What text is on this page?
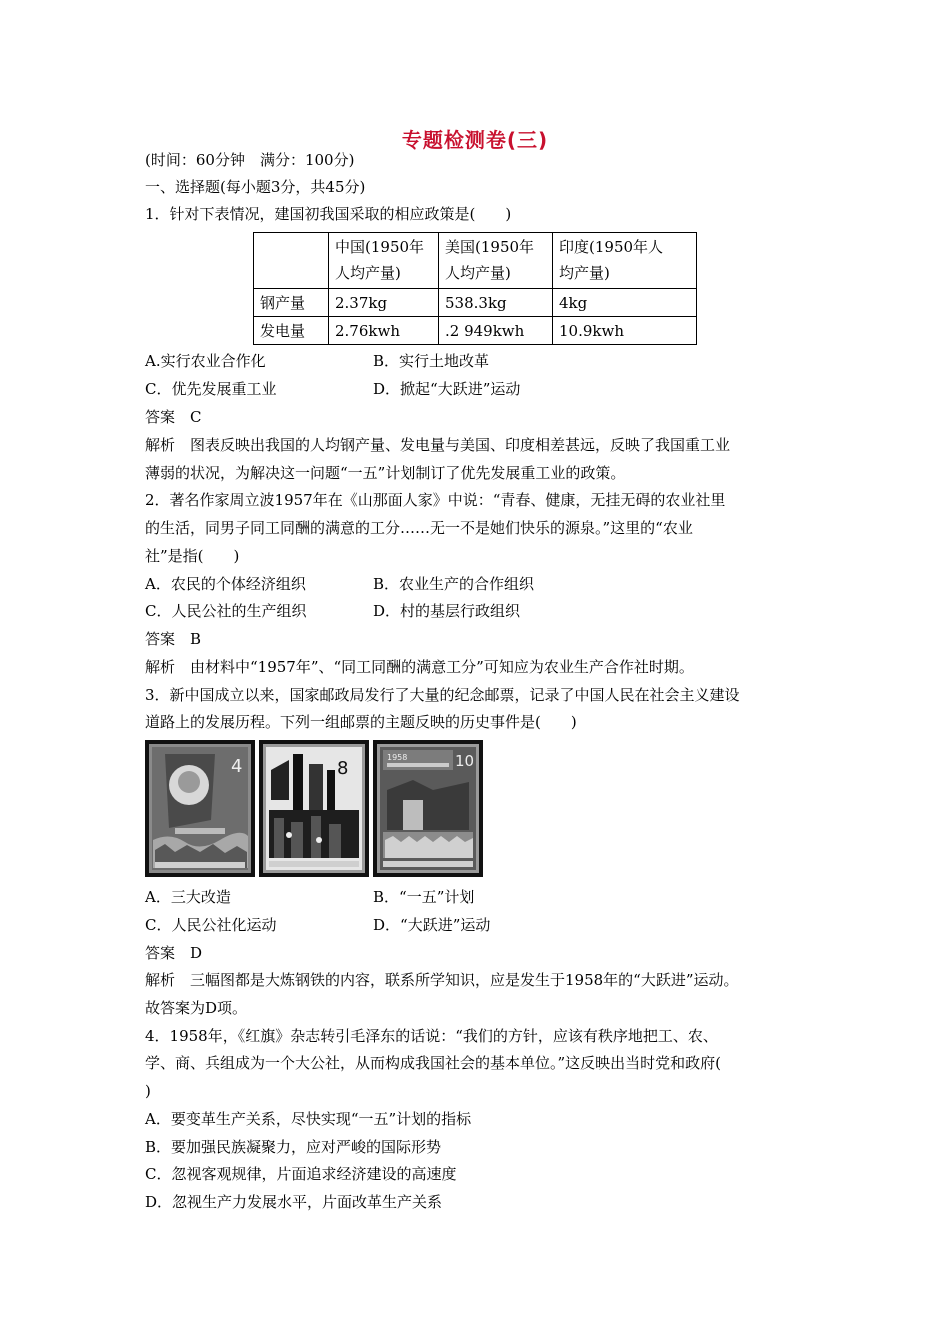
专题检测卷(三)
(时间：60分钟　满分：100分)
一、选择题(每小题3分，共45分)
1．针对下表情况，建国初我国采取的相应政策是(　　)
	中国(1950年
人均产量)	美国(1950年
人均产量)	印度(1950年人
均产量)
钢产量	2.37kg	538.3kg	4kg
发电量	2.76kwh	.2 949kwh	10.9kwh
A.实行农业合作化	B．实行土地改革
C．优先发展重工业	D．掀起“大跃进”运动
答案　C
解析　图表反映出我国的人均钢产量、发电量与美国、印度相差甚远，反映了我国重工业
薄弱的状况，为解决这一问题“一五”计划制订了优先发展重工业的政策。
2．著名作家周立波1957年在《山那面人家》中说：“青春、健康，无挂无碍的农业社里
的生活，同男子同工同酬的满意的工分……无一不是她们快乐的源泉。”这里的“农业
社”是指(　　)
A．农民的个体经济组织	B．农业生产的合作组织
C．人民公社的生产组织	D．村的基层行政组织
答案　B
解析　由材料中“1957年”、“同工同酬的满意工分”可知应为农业生产合作社时期。
3．新中国成立以来，国家邮政局发行了大量的纪念邮票，记录了中国人民在社会主义建设
道路上的发展历程。下列一组邮票的主题反映的历史事件是(　　)
4	8
1958	10
A．三大改造	B．“一五”计划
C．人民公社化运动	D．“大跃进”运动
答案　D
解析　三幅图都是大炼钢铁的内容，联系所学知识，应是发生于1958年的“大跃进”运动。
故答案为D项。
4．1958年，《红旗》杂志转引毛泽东的话说：“我们的方针，应该有秩序地把工、农、
学、商、兵组成为一个大公社，从而构成我国社会的基本单位。”这反映出当时党和政府(
)
A．要变革生产关系，尽快实现“一五”计划的指标
B．要加强民族凝聚力，应对严峻的国际形势
C．忽视客观规律，片面追求经济建设的高速度
D．忽视生产力发展水平，片面改革生产关系
